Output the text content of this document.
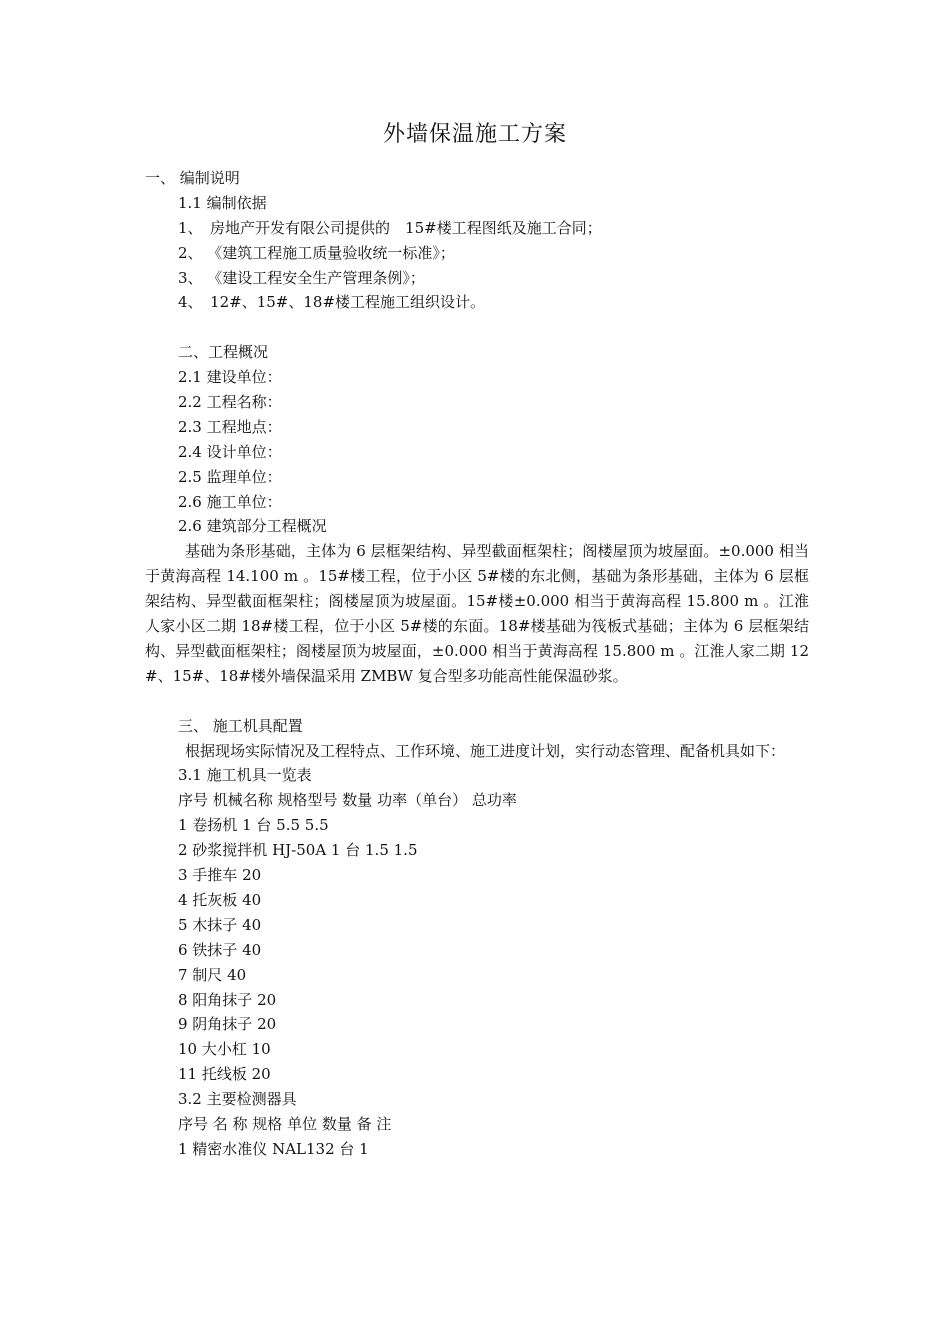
外墙保温施工方案
一、 编制说明
1.1 编制依据
1、　房地产开发有限公司提供的　15#楼工程图纸及施工合同；
2、 《建筑工程施工质量验收统一标准》；
3、 《建设工程安全生产管理条例》；
4、　12#、15#、18#楼工程施工组织设计。
二、工程概况
2.1 建设单位：
2.2 工程名称：
2.3 工程地点：
2.4 设计单位：
2.5 监理单位：
2.6 施工单位：
2.6 建筑部分工程概况
基础为条形基础，主体为 6 层框架结构、异型截面框架柱；阁楼屋顶为坡屋面。±0.000 相当于黄海高程 14.100 m 。15#楼工程，位于小区 5#楼的东北侧，基础为条形基础，主体为 6 层框架结构、异型截面框架柱；阁楼屋顶为坡屋面。15#楼±0.000 相当于黄海高程 15.800 m 。江淮人家小区二期 18#楼工程，位于小区 5#楼的东面。18#楼基础为筏板式基础；主体为 6 层框架结构、异型截面框架柱；阁楼屋顶为坡屋面，±0.000 相当于黄海高程 15.800 m 。江淮人家二期 12#、15#、18#楼外墙保温采用 ZMBW 复合型多功能高性能保温砂浆。
三、 施工机具配置
根据现场实际情况及工程特点、工作环境、施工进度计划，实行动态管理、配备机具如下：
3.1 施工机具一览表
序号 机械名称 规格型号 数量 功率（单台） 总功率
1 卷扬机 1 台 5.5 5.5
2 砂浆搅拌机 HJ-50A 1 台 1.5 1.5
3 手推车 20
4 托灰板 40
5 木抹子 40
6 铁抹子 40
7 制尺 40
8 阳角抹子 20
9 阴角抹子 20
10 大小杠 10
11 托线板 20
3.2 主要检测器具
序号 名 称 规格 单位 数量 备 注
1 精密水准仪 NAL132 台 1
